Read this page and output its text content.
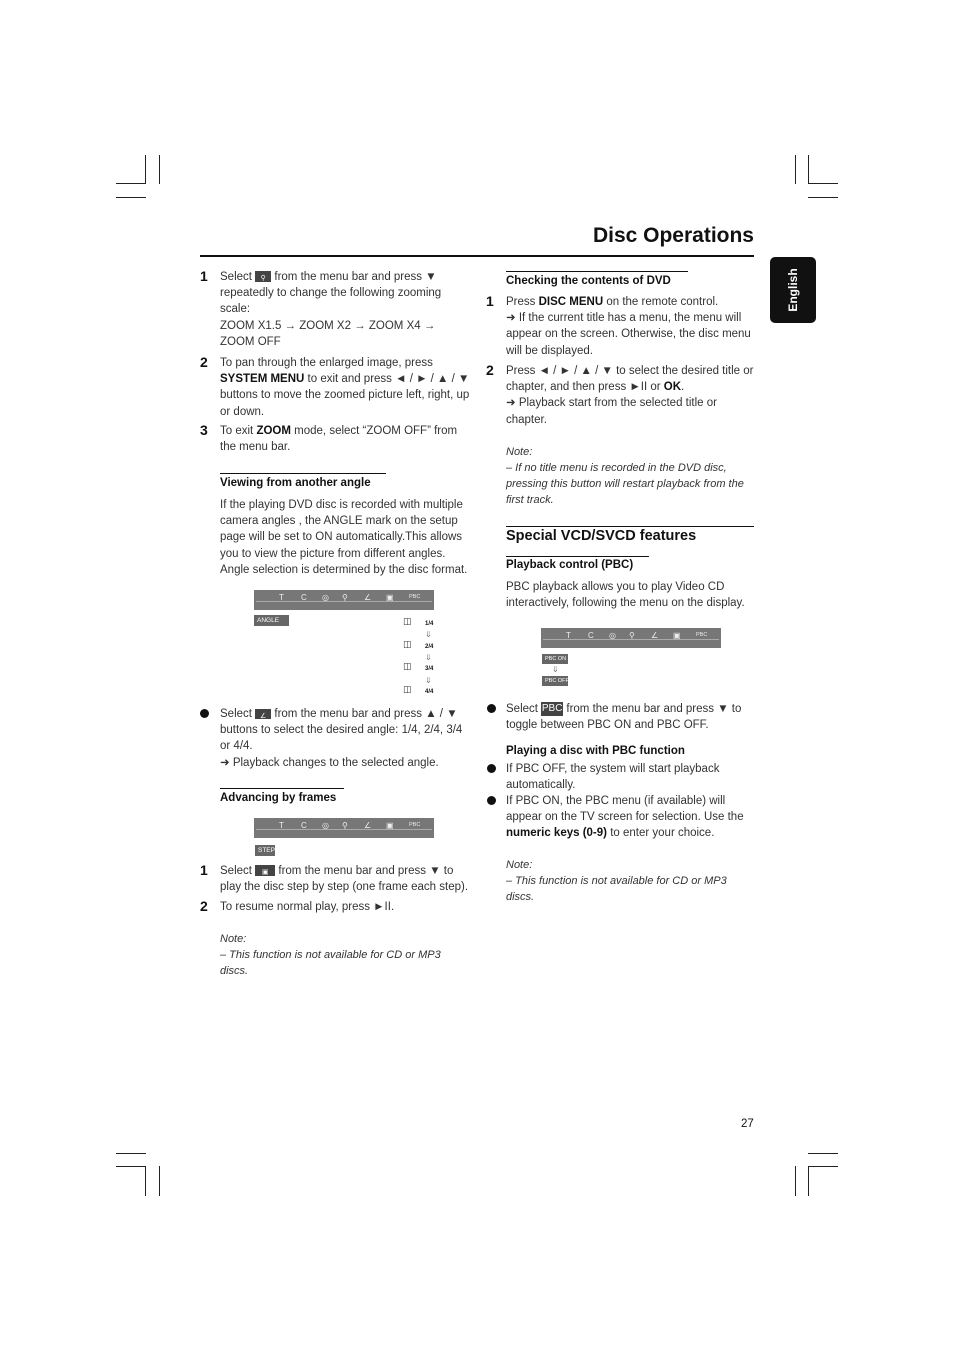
Disc Operations
English
1 Select ⚲ from the menu bar and press ▼ repeatedly to change the following zooming scale:
ZOOM X1.5 → ZOOM X2 → ZOOM X4 → ZOOM OFF
2 To pan through the enlarged image, press SYSTEM MENU to exit and press ◄ / ► / ▲ / ▼ buttons to move the zoomed picture left, right, up or down.
3 To exit ZOOM mode, select “ZOOM OFF” from the menu bar.
Viewing from another angle
If the playing DVD disc is recorded with multiple camera angles , the ANGLE mark on the setup page will be set to ON automatically.This allows you to view the picture from different angles. Angle selection is determined by the disc format.
T C ◎ ⚲ ∠ ▣	PBC
ANGLE	◫ 1/4
⇓
◫ 2/4
⇓
◫ 3/4
⇓
◫ 4/4
Select ∠ from the menu bar and press ▲ / ▼ buttons to select the desired angle: 1/4, 2/4, 3/4 or 4/4.
➜ Playback changes to the selected angle.
Advancing by frames
T C ◎ ⚲ ∠ ▣	PBC
STEP
1 Select ▣ from the menu bar and press ▼ to play the disc step by step (one frame each step).
2 To resume normal play, press ►II.
Note:
– This function is not available for CD or MP3 discs.
Checking the contents of DVD
1 Press DISC MENU on the remote control.
➜ If the current title has a menu, the menu will appear on the screen. Otherwise, the disc menu will be displayed.
2 Press ◄ / ► / ▲ / ▼ to select the desired title or chapter, and then press ►II or OK.
➜ Playback start from the selected title or chapter.
Note:
– If no title menu is recorded in the DVD disc, pressing this button will restart playback from the first track.
Special VCD/SVCD features
Playback control (PBC)
PBC playback allows you to play Video CD interactively, following the menu on the display.
T C ◎ ⚲ ∠ ▣	PBC
PBC ON
⇓
PBC OFF
Select PBC from the menu bar and press ▼ to toggle between PBC ON and PBC OFF.
Playing a disc with PBC function
If PBC OFF, the system will start playback automatically.
If PBC ON, the PBC menu (if available) will appear on the TV screen for selection. Use the numeric keys (0-9) to enter your choice.
Note:
– This function is not available for CD or MP3 discs.
27
